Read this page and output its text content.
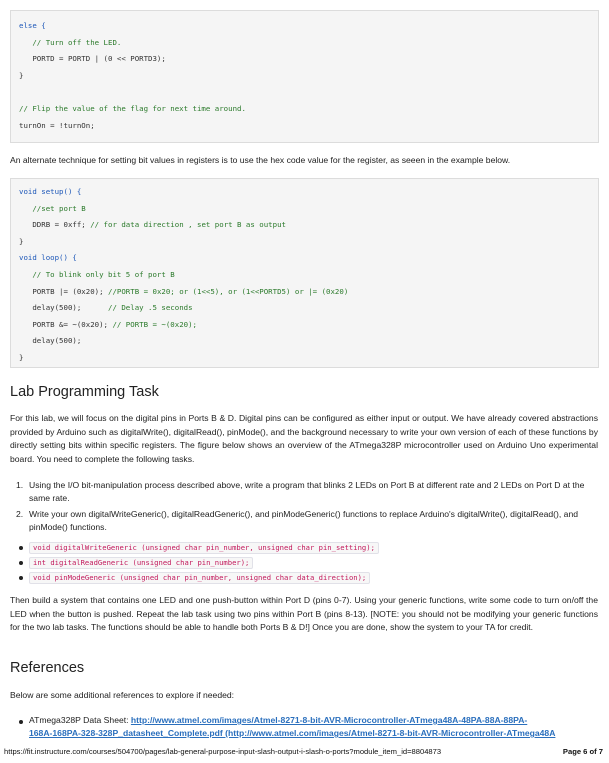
else {
// Turn off the LED.
PORTD = PORTD | (0 << PORTD3);
}
// Flip the value of the flag for next time around.
turnOn = !turnOn;

An alternate technique for setting bit values in registers is to use the hex code value for the register, as seeen in the example below.

void setup() {
//set port B
DDRB = 0xff; // for data direction , set port B as output
}
void loop() {
// To blink only bit 5 of port B
PORTB |= (0x20); //PORTB = 0x20; or (1<<5), or (1<<PORTD5) or |= (0x20)
delay(500);      // Delay .5 seconds
PORTB &= ~(0x20); // PORTB = ~(0x20);
delay(500);
}
Lab Programming Task

For this lab, we will focus on the digital pins in Ports B & D. Digital pins can be configured as either input or output. We have already covered abstractions provided by Arduino such as digitalWrite(), digitalRead(), pinMode(), and the background necessary to write your own version of each of these functions by directly setting bits within specific registers. The figure below shows an overview of the ATmega328P microcontroller used on Arduino Uno experimental board. You need to complete the following tasks.

1. Using the I/O bit-manipulation process described above, write a program that blinks 2 LEDs on Port B at different rate and 2 LEDs on Port D at the same rate.
2. Write your own digitalWriteGeneric(), digitalReadGeneric(), and pinModeGeneric() functions to replace Arduino's digitalWrite(), digitalRead(), and pinMode() functions.
void digitalWriteGeneric (unsigned char pin_number, unsigned char pin_setting);
int digitalReadGeneric (unsigned char pin_number);
void pinModeGeneric (unsigned char pin_number, unsigned char data_direction);

Then build a system that contains one LED and one push-button within Port D (pins 0-7). Using your generic functions, write some code to turn on/off the LED when the button is pushed. Repeat the lab task using two pins within Port B (pins 8-13). [NOTE: you should not be modifying your generic functions for the two lab tasks. The functions should be able to handle both Ports B & D!] Once you are done, show the system to your TA for credit.

References

Below are some additional references to explore if needed:

ATmega328P Data Sheet: http://www.atmel.com/images/Atmel-8271-8-bit-AVR-Microcontroller-ATmega48A-48PA-88A-88PA-
168A-168PA-328-328P_datasheet_Complete.pdf (http://www.atmel.com/images/Atmel-8271-8-bit-AVR-Microcontroller-ATmega48A
https://fit.instructure.com/courses/504700/pages/lab-general-purpose-input-slash-output-i-slash-o-ports?module_item_id=8804873	Page 6 of 7
